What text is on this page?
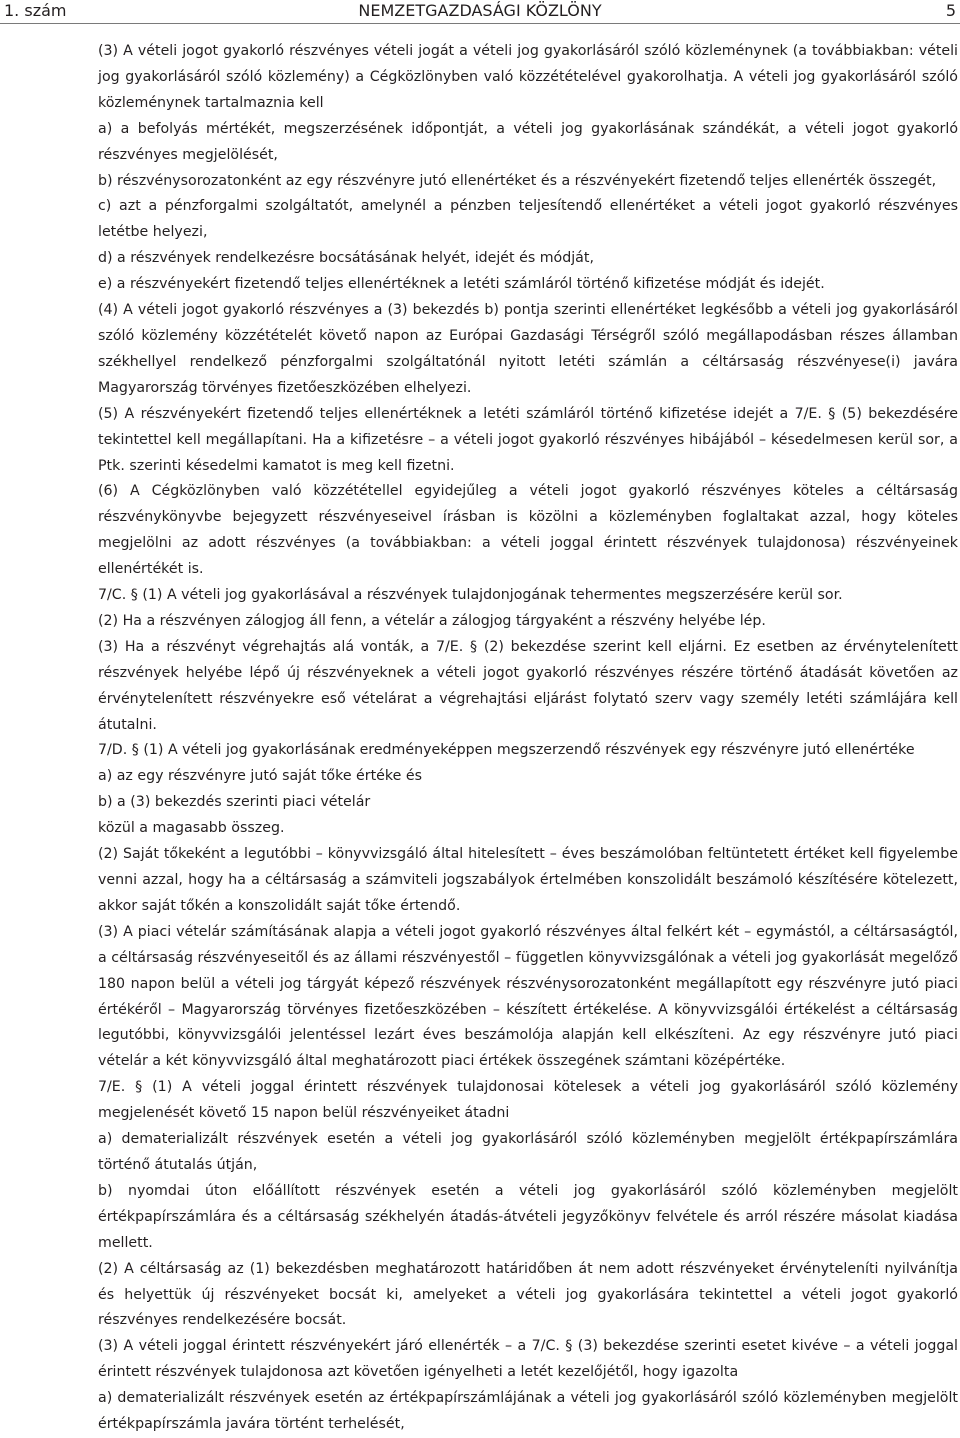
NEMZETGAZDASÁGI KÖZLÖNY
1. szám	5

(3) A vételi jogot gyakorló részvényes vételi jogát a vételi jog gyakorlásáról szóló közleménynek (a továbbiakban: vételi jog gyakorlásáról szóló közlemény) a Cégközlönyben való közzétételével gyakorolhatja. A vételi jog gyakorlásáról szóló közleménynek tartalmaznia kell

a) a befolyás mértékét, megszerzésének időpontját, a vételi jog gyakorlásának szándékát, a vételi jogot gyakorló részvényes megjelölését,

b) részvénysorozatonként az egy részvényre jutó ellenértéket és a részvényekért fizetendő teljes ellenérték összegét,

c) azt a pénzforgalmi szolgáltatót, amelynél a pénzben teljesítendő ellenértéket a vételi jogot gyakorló részvényes letétbe helyezi,

d) a részvények rendelkezésre bocsátásának helyét, idejét és módját,

e) a részvényekért fizetendő teljes ellenértéknek a letéti számláról történő kifizetése módját és idejét.

(4) A vételi jogot gyakorló részvényes a (3) bekezdés b) pontja szerinti ellenértéket legkésőbb a vételi jog gyakorlásáról szóló közlemény közzétételét követő napon az Európai Gazdasági Térségről szóló megállapodásban részes államban székhellyel rendelkező pénzforgalmi szolgáltatónál nyitott letéti számlán a céltársaság részvényese(i) javára Magyarország törvényes fizetőeszközében elhelyezi.

(5) A részvényekért fizetendő teljes ellenértéknek a letéti számláról történő kifizetése idejét a 7/E. § (5) bekezdésére tekintettel kell megállapítani. Ha a kifizetésre – a vételi jogot gyakorló részvényes hibájából – késedelmesen kerül sor, a Ptk. szerinti késedelmi kamatot is meg kell fizetni.

(6) A Cégközlönyben való közzététellel egyidejűleg a vételi jogot gyakorló részvényes köteles a céltársaság részvénykönyvbe bejegyzett részvényeseivel írásban is közölni a közleményben foglaltakat azzal, hogy köteles megjelölni az adott részvényes (a továbbiakban: a vételi joggal érintett részvények tulajdonosa) részvényeinek ellenértékét is.

7/C. § (1) A vételi jog gyakorlásával a részvények tulajdonjogának tehermentes megszerzésére kerül sor.

(2) Ha a részvényen zálogjog áll fenn, a vételár a zálogjog tárgyaként a részvény helyébe lép.

(3) Ha a részvényt végrehajtás alá vonták, a 7/E. § (2) bekezdése szerint kell eljárni. Ez esetben az érvénytelenített részvények helyébe lépő új részvényeknek a vételi jogot gyakorló részvényes részére történő átadását követően az érvénytelenített részvényekre eső vételárat a végrehajtási eljárást folytató szerv vagy személy letéti számlájára kell átutalni.

7/D. § (1) A vételi jog gyakorlásának eredményeképpen megszerzendő részvények egy részvényre jutó ellenértéke

a) az egy részvényre jutó saját tőke értéke és

b) a (3) bekezdés szerinti piaci vételár

közül a magasabb összeg.

(2) Saját tőkeként a legutóbbi – könyvvizsgáló által hitelesített – éves beszámolóban feltüntetett értéket kell figyelembe venni azzal, hogy ha a céltársaság a számviteli jogszabályok értelmében konszolidált beszámoló készítésére kötelezett, akkor saját tőkén a konszolidált saját tőke értendő.

(3) A piaci vételár számításának alapja a vételi jogot gyakorló részvényes által felkért két – egymástól, a céltársaságtól, a céltársaság részvényeseitől és az állami részvényestől – független könyvvizsgálónak a vételi jog gyakorlását megelőző 180 napon belül a vételi jog tárgyát képező részvények részvénysorozatonként megállapított egy részvényre jutó piaci értékéről – Magyarország törvényes fizetőeszközében – készített értékelése. A könyvvizsgálói értékelést a céltársaság legutóbbi, könyvvizsgálói jelentéssel lezárt éves beszámolója alapján kell elkészíteni. Az egy részvényre jutó piaci vételár a két könyvvizsgáló által meghatározott piaci értékek összegének számtani középértéke.

7/E. § (1) A vételi joggal érintett részvények tulajdonosai kötelesek a vételi jog gyakorlásáról szóló közlemény megjelenését követő 15 napon belül részvényeiket átadni

a) dematerializált részvények esetén a vételi jog gyakorlásáról szóló közleményben megjelölt értékpapírszámlára történő átutalás útján,

b) nyomdai úton előállított részvények esetén a vételi jog gyakorlásáról szóló közleményben megjelölt értékpapírszámlára és a céltársaság székhelyén átadás-átvételi jegyzőkönyv felvétele és arról részére másolat kiadása mellett.

(2) A céltársaság az (1) bekezdésben meghatározott határidőben át nem adott részvényeket érvényteleníti nyilvánítja és helyettük új részvényeket bocsát ki, amelyeket a vételi jog gyakorlására tekintettel a vételi jogot gyakorló részvényes rendelkezésére bocsát.

(3) A vételi joggal érintett részvényekért járó ellenérték – a 7/C. § (3) bekezdése szerinti esetet kivéve – a vételi joggal érintett részvények tulajdonosa azt követően igényelheti a letét kezelőjétől, hogy igazolta

a) dematerializált részvények esetén az értékpapírszámlájának a vételi jog gyakorlásáról szóló közleményben megjelölt értékpapírszámla javára történt terhelését,
